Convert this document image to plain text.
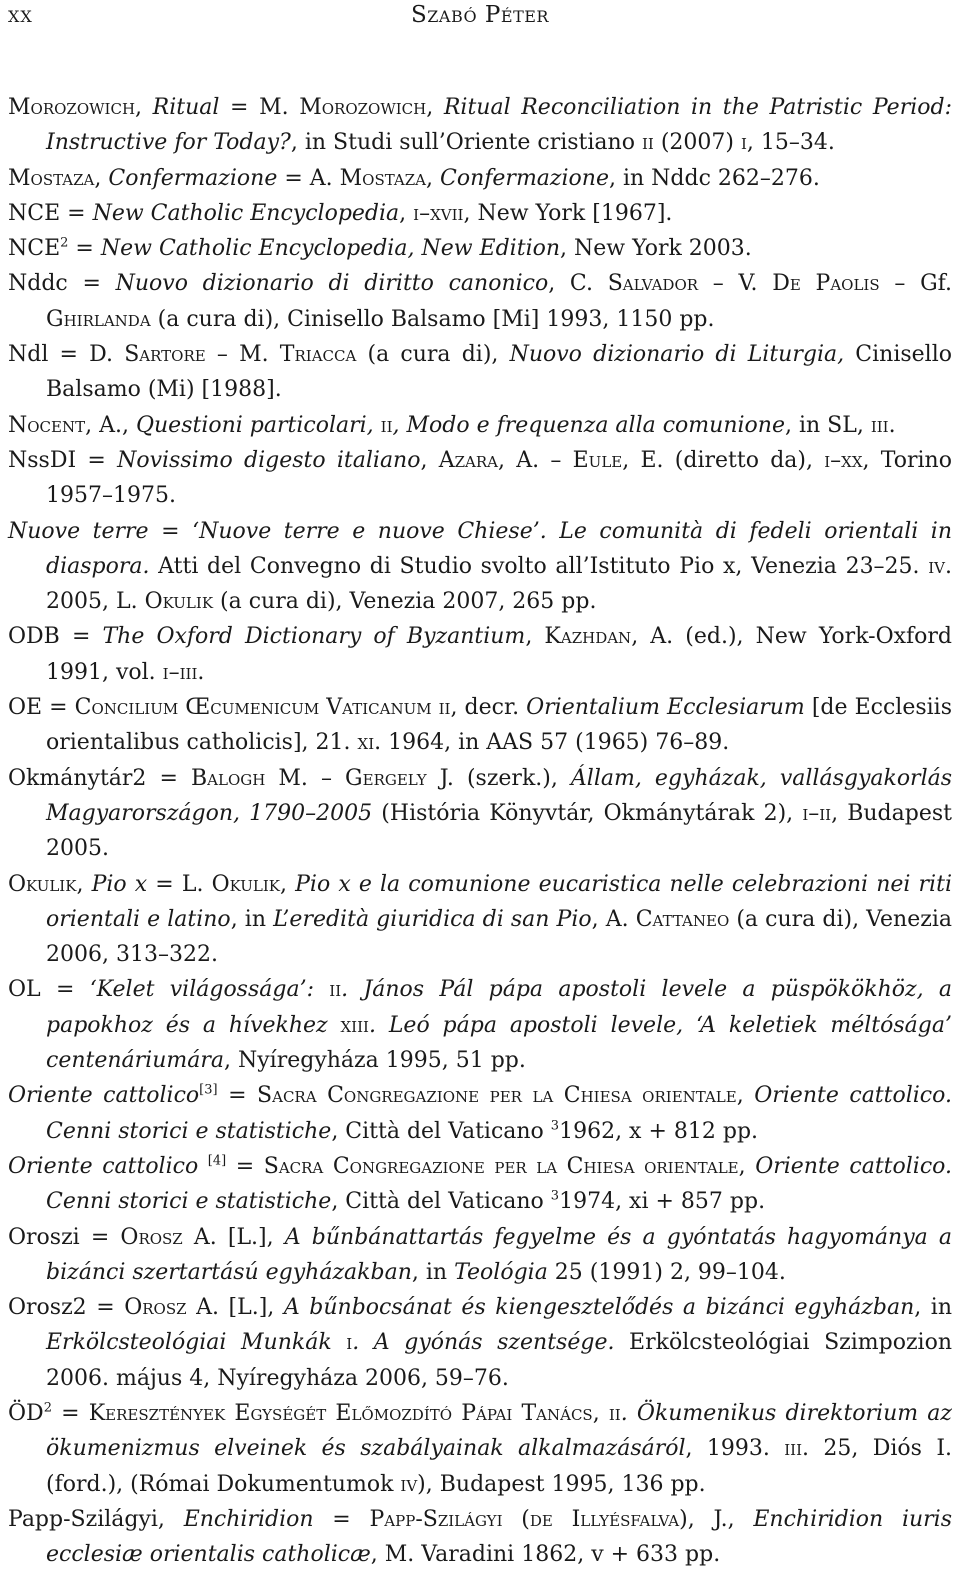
xx	Szabó Péter
Morozowich, Ritual = M. Morozowich, Ritual Reconciliation in the Patristic Period: Instructive for Today?, in Studi sull’Oriente cristiano ii (2007) i, 15–34.
Mostaza, Confermazione = A. Mostaza, Confermazione, in Nddc 262–276.
NCE = New Catholic Encyclopedia, i–xvii, New York [1967].
$NCE^2$ = New Catholic Encyclopedia, New Edition, New York 2003.
Nddc = Nuovo dizionario di diritto canonico, C. Salvador – V. De Paolis – Gf. Ghirlanda (a cura di), Cinisello Balsamo [Mi] 1993, 1150 pp.
Ndl = D. Sartore – M. Triacca (a cura di), Nuovo dizionario di Liturgia, Cinisello Balsamo (Mi) [1988].
Nocent, A., Questioni particolari, ii, Modo e frequenza alla comunione, in SL, iii.
NssDI = Novissimo digesto italiano, Azara, A. – Eule, E. (diretto da), i–xx, Torino 1957–1975.
Nuove terre = ‘Nuove terre e nuove Chiese’. Le comunità di fedeli orientali in diaspora. Atti del Convegno di Studio svolto all’Istituto Pio x, Venezia 23–25. iv. 2005, L. Okulik (a cura di), Venezia 2007, 265 pp.
ODB = The Oxford Dictionary of Byzantium, Kazhdan, A. (ed.), New York-Oxford 1991, vol. i–iii.
OE = Concilium Œcumenicum Vaticanum ii, decr. Orientalium Ecclesiarum [de Ecclesiis orientalibus catholicis], 21. xi. 1964, in AAS 57 (1965) 76–89.
Okmánytár2 = Balogh M. – Gergely J. (szerk.), Állam, egyházak, vallásgyakorlás Magyarországon, 1790–2005 (História Könyvtár, Okmánytárak 2), i–ii, Budapest 2005.
Okulik, Pio x = L. Okulik, Pio x e la comunione eucaristica nelle celebrazioni nei riti orientali e latino, in L’eredità giuridica di san Pio, A. Cattaneo (a cura di), Venezia 2006, 313–322.
OL = ‘Kelet világossága’: ii. János Pál pápa apostoli levele a püspökökhöz, a papokhoz és a hívekhez xiii. Leó pápa apostoli levele, ‘A keletiek méltósága’ centenáriumára, Nyíregyháza 1995, 51 pp.
Oriente cattolico[3] = Sacra Congregazione per la Chiesa orientale, Oriente cattolico. Cenni storici e statistiche, Città del Vaticano $^3$1962, x + 812 pp.
Oriente cattolico [4] = Sacra Congregazione per la Chiesa orientale, Oriente cattolico. Cenni storici e statistiche, Città del Vaticano $^3$1974, xi + 857 pp.
Oroszi = Orosz A. [L.], A bűnbánattartás fegyelme és a gyóntatás hagyománya a bizánci szertartású egyházakban, in Teológia 25 (1991) 2, 99–104.
Orosz2 = Orosz A. [L.], A bűnbocsánat és kiengesztelődés a bizánci egyházban, in Erkölcsteológiai Munkák i. A gyónás szentsége. Erkölcsteológiai Szimpozion 2006. május 4, Nyíregyháza 2006, 59–76.
$ÖD^2$ = Keresztények Egységét Előmozdító Pápai Tanács, ii. Ökumenikus direktorium az ökumenizmus elveinek és szabályainak alkalmazásáról, 1993. iii. 25, Diós I. (ford.), (Római Dokumentumok iv), Budapest 1995, 136 pp.
Papp-Szilágyi, Enchiridion = Papp-Szilágyi (de Illyésfalva), J., Enchiridion iuris ecclesiæ orientalis catholicæ, M. Varadini 1862, v + 633 pp.
